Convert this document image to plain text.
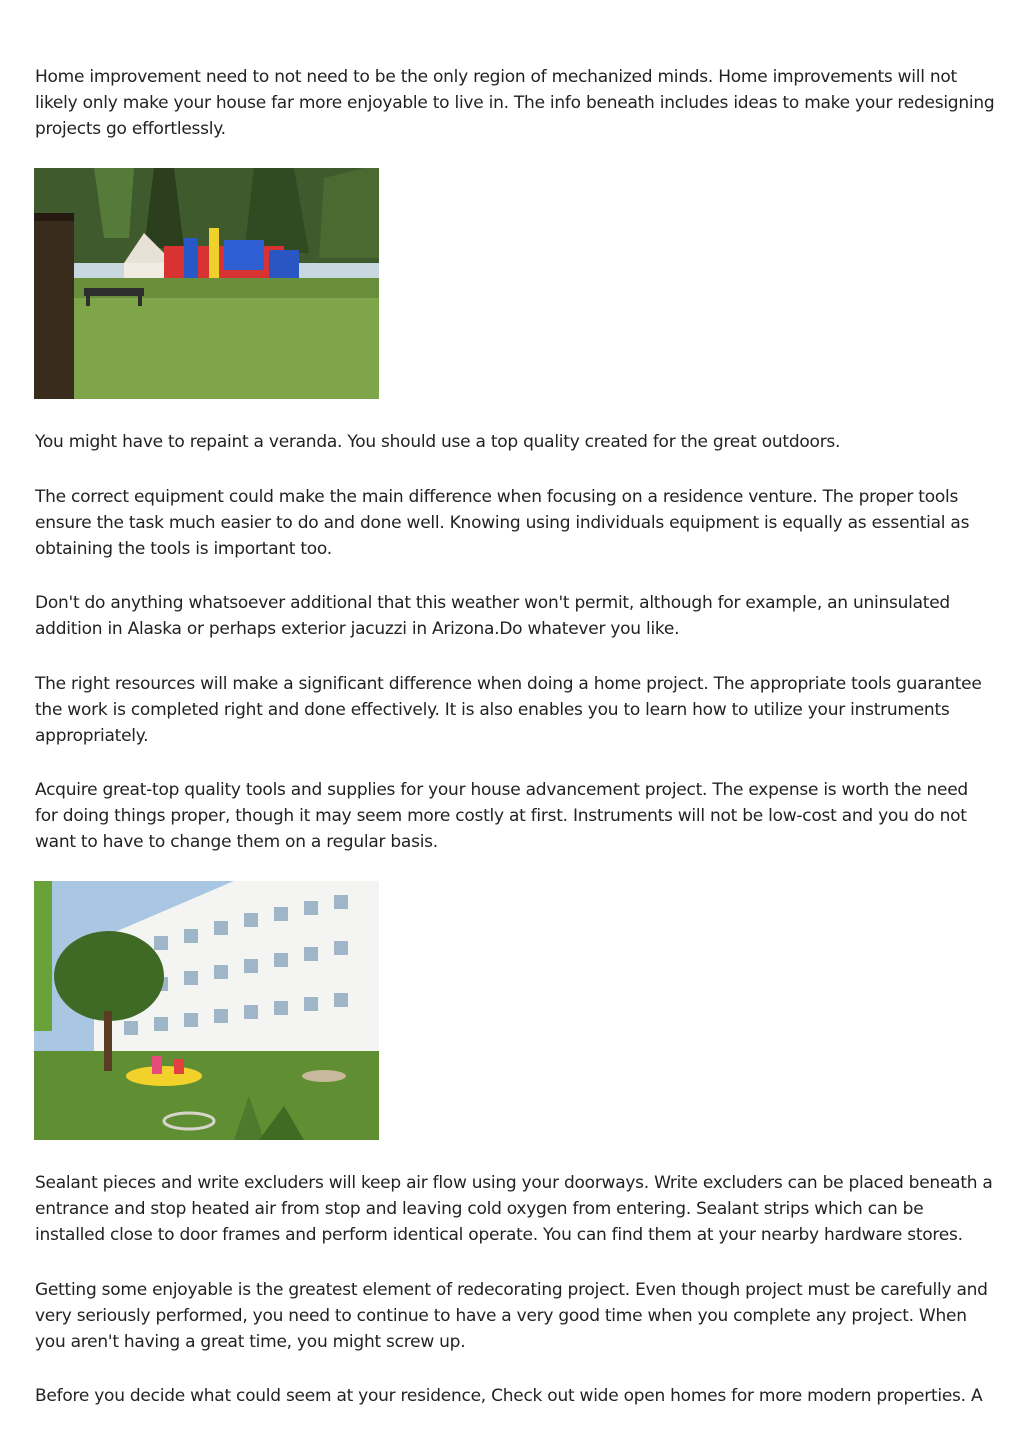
Home improvement need to not need to be the only region of mechanized minds. Home improvements will not likely only make your house far more enjoyable to live in. The info beneath includes ideas to make your redesigning projects go effortlessly.

You might have to repaint a veranda. You should use a top quality created for the great outdoors.

The correct equipment could make the main difference when focusing on a residence venture. The proper tools ensure the task much easier to do and done well. Knowing using individuals equipment is equally as essential as obtaining the tools is important too.

Don't do anything whatsoever additional that this weather won't permit, although for example, an uninsulated addition in Alaska or perhaps exterior jacuzzi in Arizona.Do whatever you like.

The right resources will make a significant difference when doing a home project. The appropriate tools guarantee the work is completed right and done effectively. It is also enables you to learn how to utilize your instruments appropriately.

Acquire great-top quality tools and supplies for your house advancement project. The expense is worth the need for doing things proper, though it may seem more costly at first. Instruments will not be low-cost and you do not want to have to change them on a regular basis.

Sealant pieces and write excluders will keep air flow using your doorways. Write excluders can be placed beneath a entrance and stop heated air from stop and leaving cold oxygen from entering. Sealant strips which can be installed close to door frames and perform identical operate. You can find them at your nearby hardware stores.

Getting some enjoyable is the greatest element of redecorating project. Even though project must be carefully and very seriously performed, you need to continue to have a very good time when you complete any project. When you aren't having a great time, you might screw up.

Before you decide what could seem at your residence, Check out wide open homes for more modern properties. A
